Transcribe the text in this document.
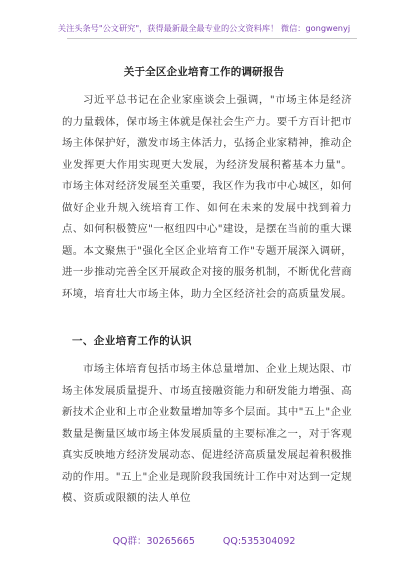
关注头条号"公文研究"，获得最新最全最专业的公文资料库！ 微信：gongwenyj
关于全区企业培育工作的调研报告

习近平总书记在企业家座谈会上强调，"市场主体是经济的力量载体，保市场主体就是保社会生产力。要千方百计把市场主体保护好，激发市场主体活力，弘扬企业家精神，推动企业发挥更大作用实现更大发展，为经济发展积蓄基本力量"。市场主体对经济发展至关重要，我区作为我市中心城区，如何做好企业升规入统培育工作、如何在未来的发展中找到着力点、如何积极赞应"一枢纽四中心"建设，是摆在当前的重大课题。本文聚焦于"强化全区企业培育工作"专题开展深入调研，进一步推动完善全区开展政企对接的服务机制，不断优化营商环境，培育壮大市场主体，助力全区经济社会的高质量发展。

一、企业培育工作的认识

市场主体培育包括市场主体总量增加、企业上规达限、市场主体发展质量提升、市场直接融资能力和研发能力增强、高新技术企业和上市企业数量增加等多个层面。其中"五上"企业数量是衡量区域市场主体发展质量的主要标准之一，对于客观真实反映地方经济发展动态、促进经济高质量发展起着积极推动的作用。"五上"企业是现阶段我国统计工作中对达到一定规模、资质或限额的法人单位

QQ群：30265665	QQ:535304092
